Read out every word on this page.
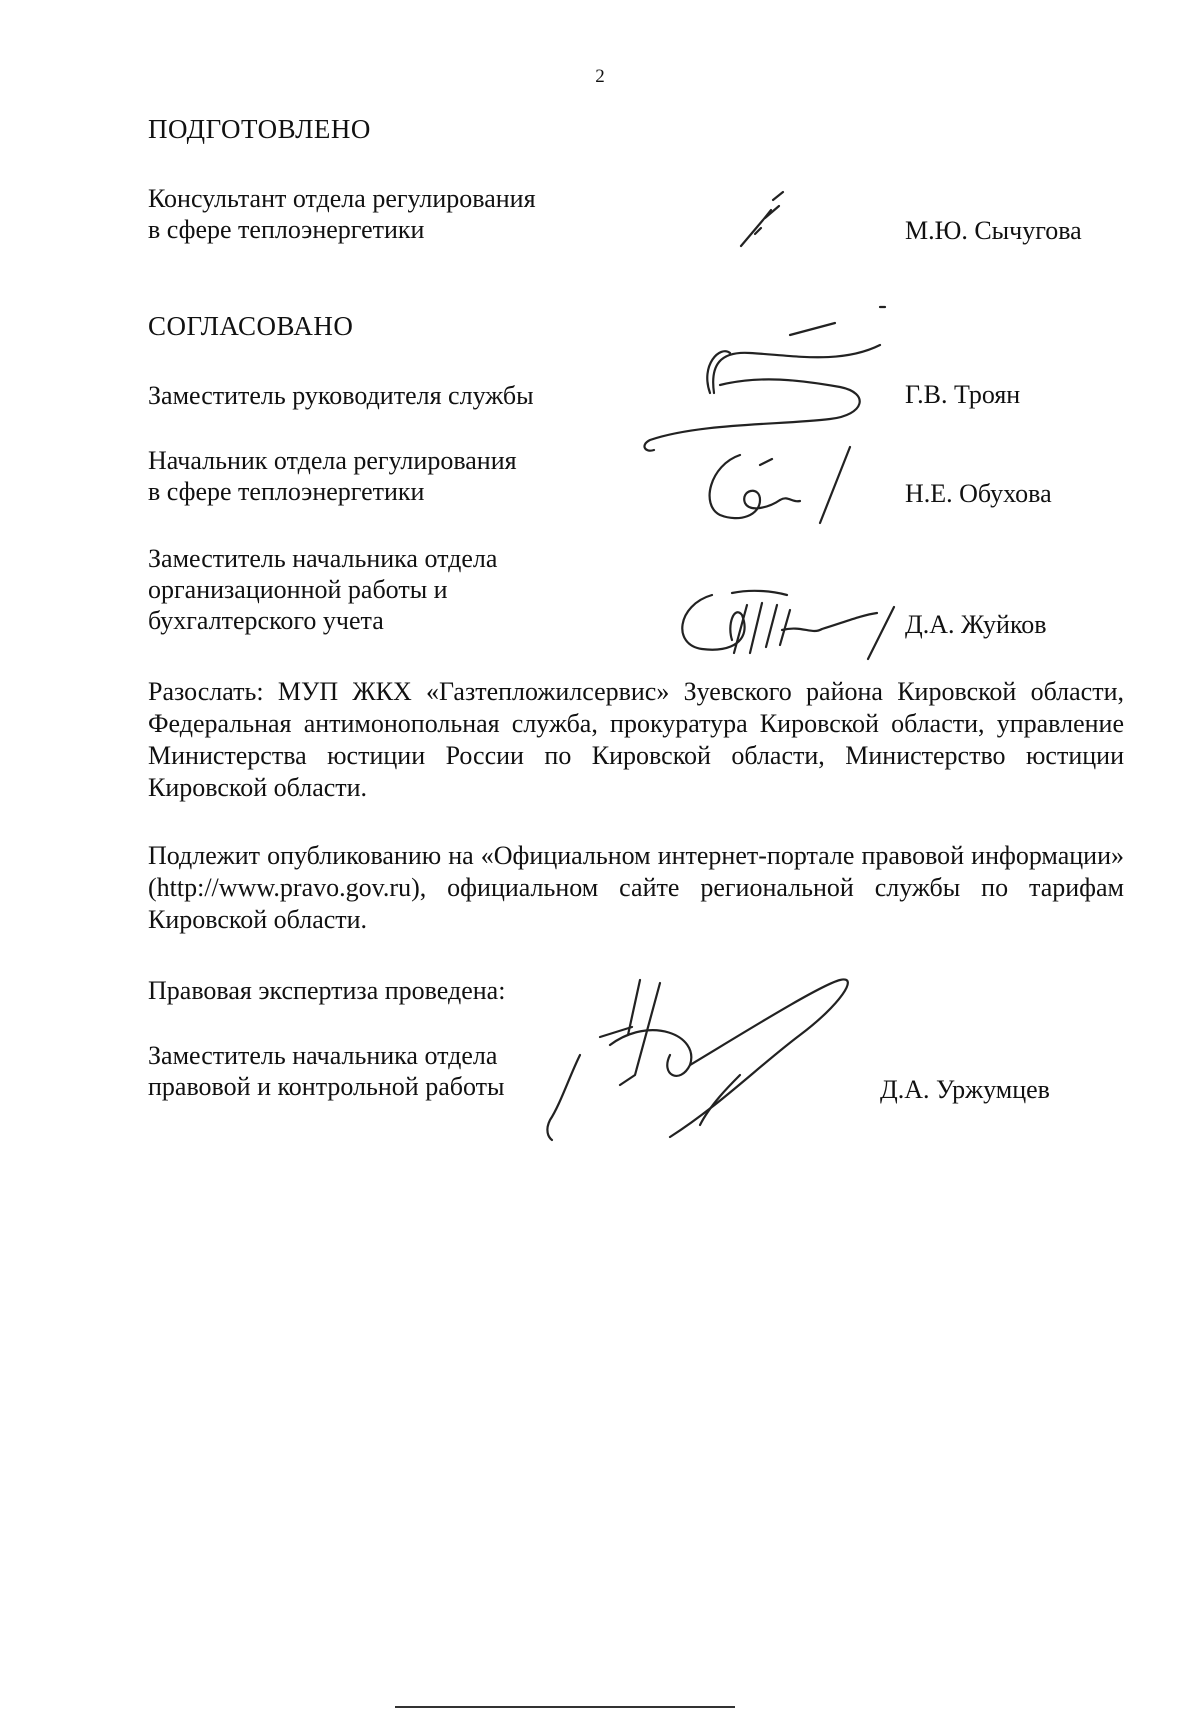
2
ПОДГОТОВЛЕНО
Консультант отдела регулирования
в сфере теплоэнергетики	М.Ю. Сычугова
СОГЛАСОВАНО
Заместитель руководителя службы	Г.В. Троян
Начальник отдела регулирования
в сфере теплоэнергетики	Н.Е. Обухова
Заместитель начальника отдела
организационной работы и
бухгалтерского учета	Д.А. Жуйков
Разослать: МУП ЖКХ «Газтепложилсервис» Зуевского района Кировской области, Федеральная антимонопольная служба, прокуратура Кировской области, управление Министерства юстиции России по Кировской области, Министерство юстиции Кировской области.
Подлежит опубликованию на «Официальном интернет-портале правовой информации» (http://www.pravo.gov.ru), официальном сайте региональной службы по тарифам Кировской области.
Правовая экспертиза проведена:
Заместитель начальника отдела
правовой и контрольной работы	Д.А. Уржумцев
